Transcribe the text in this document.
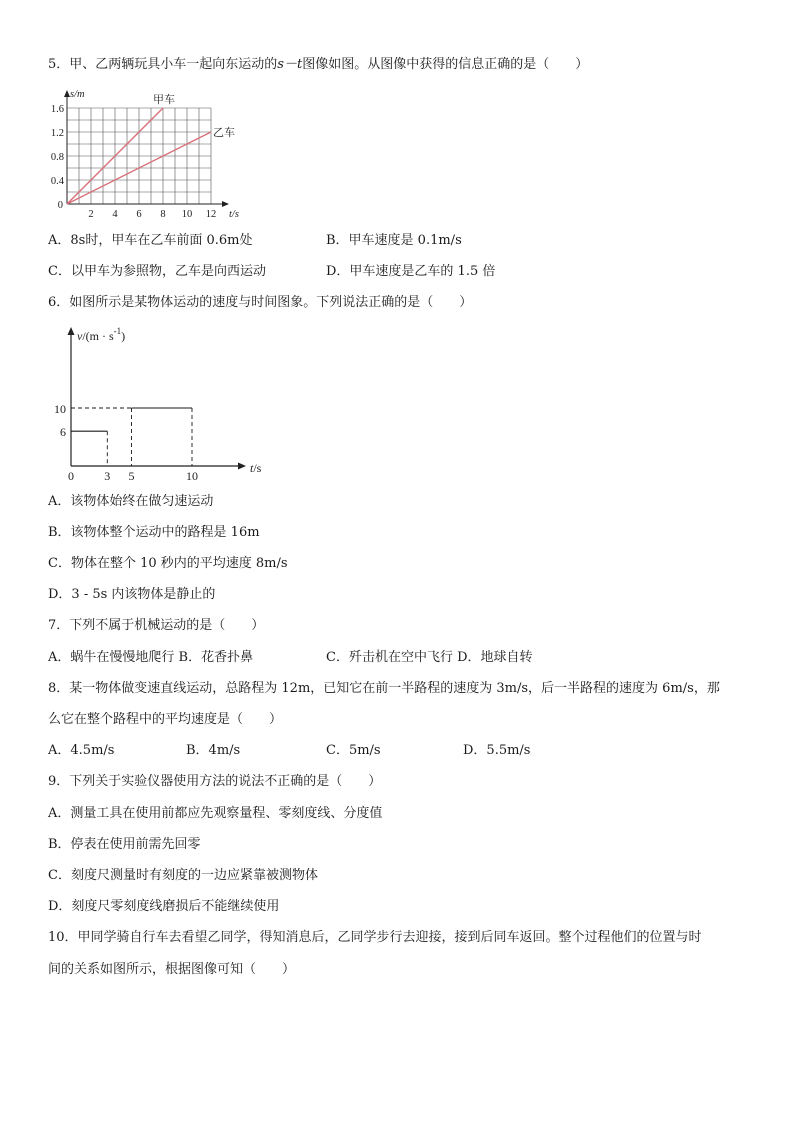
5．甲、乙两辆玩具小车一起向东运动的s－t图像如图。从图像中获得的信息正确的是（　　）
甲车
乙车
2 4 6 8 10 12
0.4
0.8
1.2
1.6
0
s/m
t/s
A．8s时，甲车在乙车前面 0.6m处	B．甲车速度是 0.1m/s
C．以甲车为参照物，乙车是向西运动	D．甲车速度是乙车的 1.5 倍
6．如图所示是某物体运动的速度与时间图象。下列说法正确的是（　　）
0	3 5	10
6
10
$v/(m \cdot s^{-1})$
t/s
A．该物体始终在做匀速运动
B．该物体整个运动中的路程是 16m
C．物体在整个 10 秒内的平均速度 8m/s
D．3 - 5s 内该物体是静止的
7．下列不属于机械运动的是（　　）
A．蜗牛在慢慢地爬行 B．花香扑鼻	C．歼击机在空中飞行 D．地球自转
8．某一物体做变速直线运动，总路程为 12m，已知它在前一半路程的速度为 3m/s，后一半路程的速度为 6m/s，那
么它在整个路程中的平均速度是（　　）
A．4.5m/s	B．4m/s	C．5m/s	D．5.5m/s
9．下列关于实验仪器使用方法的说法不正确的是（　　）
A．测量工具在使用前都应先观察量程、零刻度线、分度值
B．停表在使用前需先回零
C．刻度尺测量时有刻度的一边应紧靠被测物体
D．刻度尺零刻度线磨损后不能继续使用
10．甲同学骑自行车去看望乙同学，得知消息后，乙同学步行去迎接，接到后同车返回。整个过程他们的位置与时
间的关系如图所示，根据图像可知（　　）
